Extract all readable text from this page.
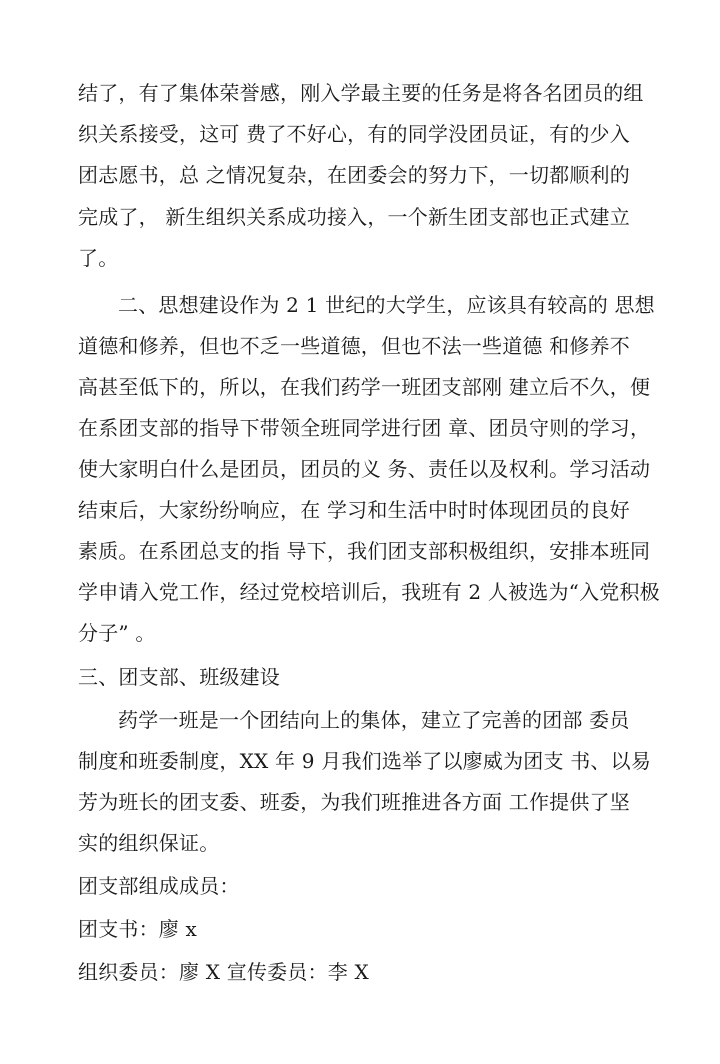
结了，有了集体荣誉感，刚入学最主要的任务是将各名团员的组
织关系接受，这可 费了不好心，有的同学没团员证，有的少入
团志愿书，总 之情况复杂，在团委会的努力下，一切都顺利的
完成了， 新生组织关系成功接入，一个新生团支部也正式建立
了。
二、思想建设作为 2 1 世纪的大学生，应该具有较高的 思想
道德和修养，但也不乏一些道德，但也不法一些道德 和修养不
高甚至低下的，所以，在我们药学一班团支部刚 建立后不久，便
在系团支部的指导下带领全班同学进行团 章、团员守则的学习，
使大家明白什么是团员，团员的义 务、责任以及权利。学习活动
结束后，大家纷纷响应，在 学习和生活中时时体现团员的良好
素质。在系团总支的指 导下，我们团支部积极组织，安排本班同
学申请入党工作，经过党校培训后，我班有 2 人被选为“入党积极
分子” 。
三、团支部、班级建设
药学一班是一个团结向上的集体，建立了完善的团部 委员
制度和班委制度，XX 年 9 月我们选举了以廖威为团支 书、以易
芳为班长的团支委、班委，为我们班推进各方面 工作提供了坚
实的组织保证。
团支部组成成员：
团支书：廖 x
组织委员：廖 X 宣传委员：李 X
